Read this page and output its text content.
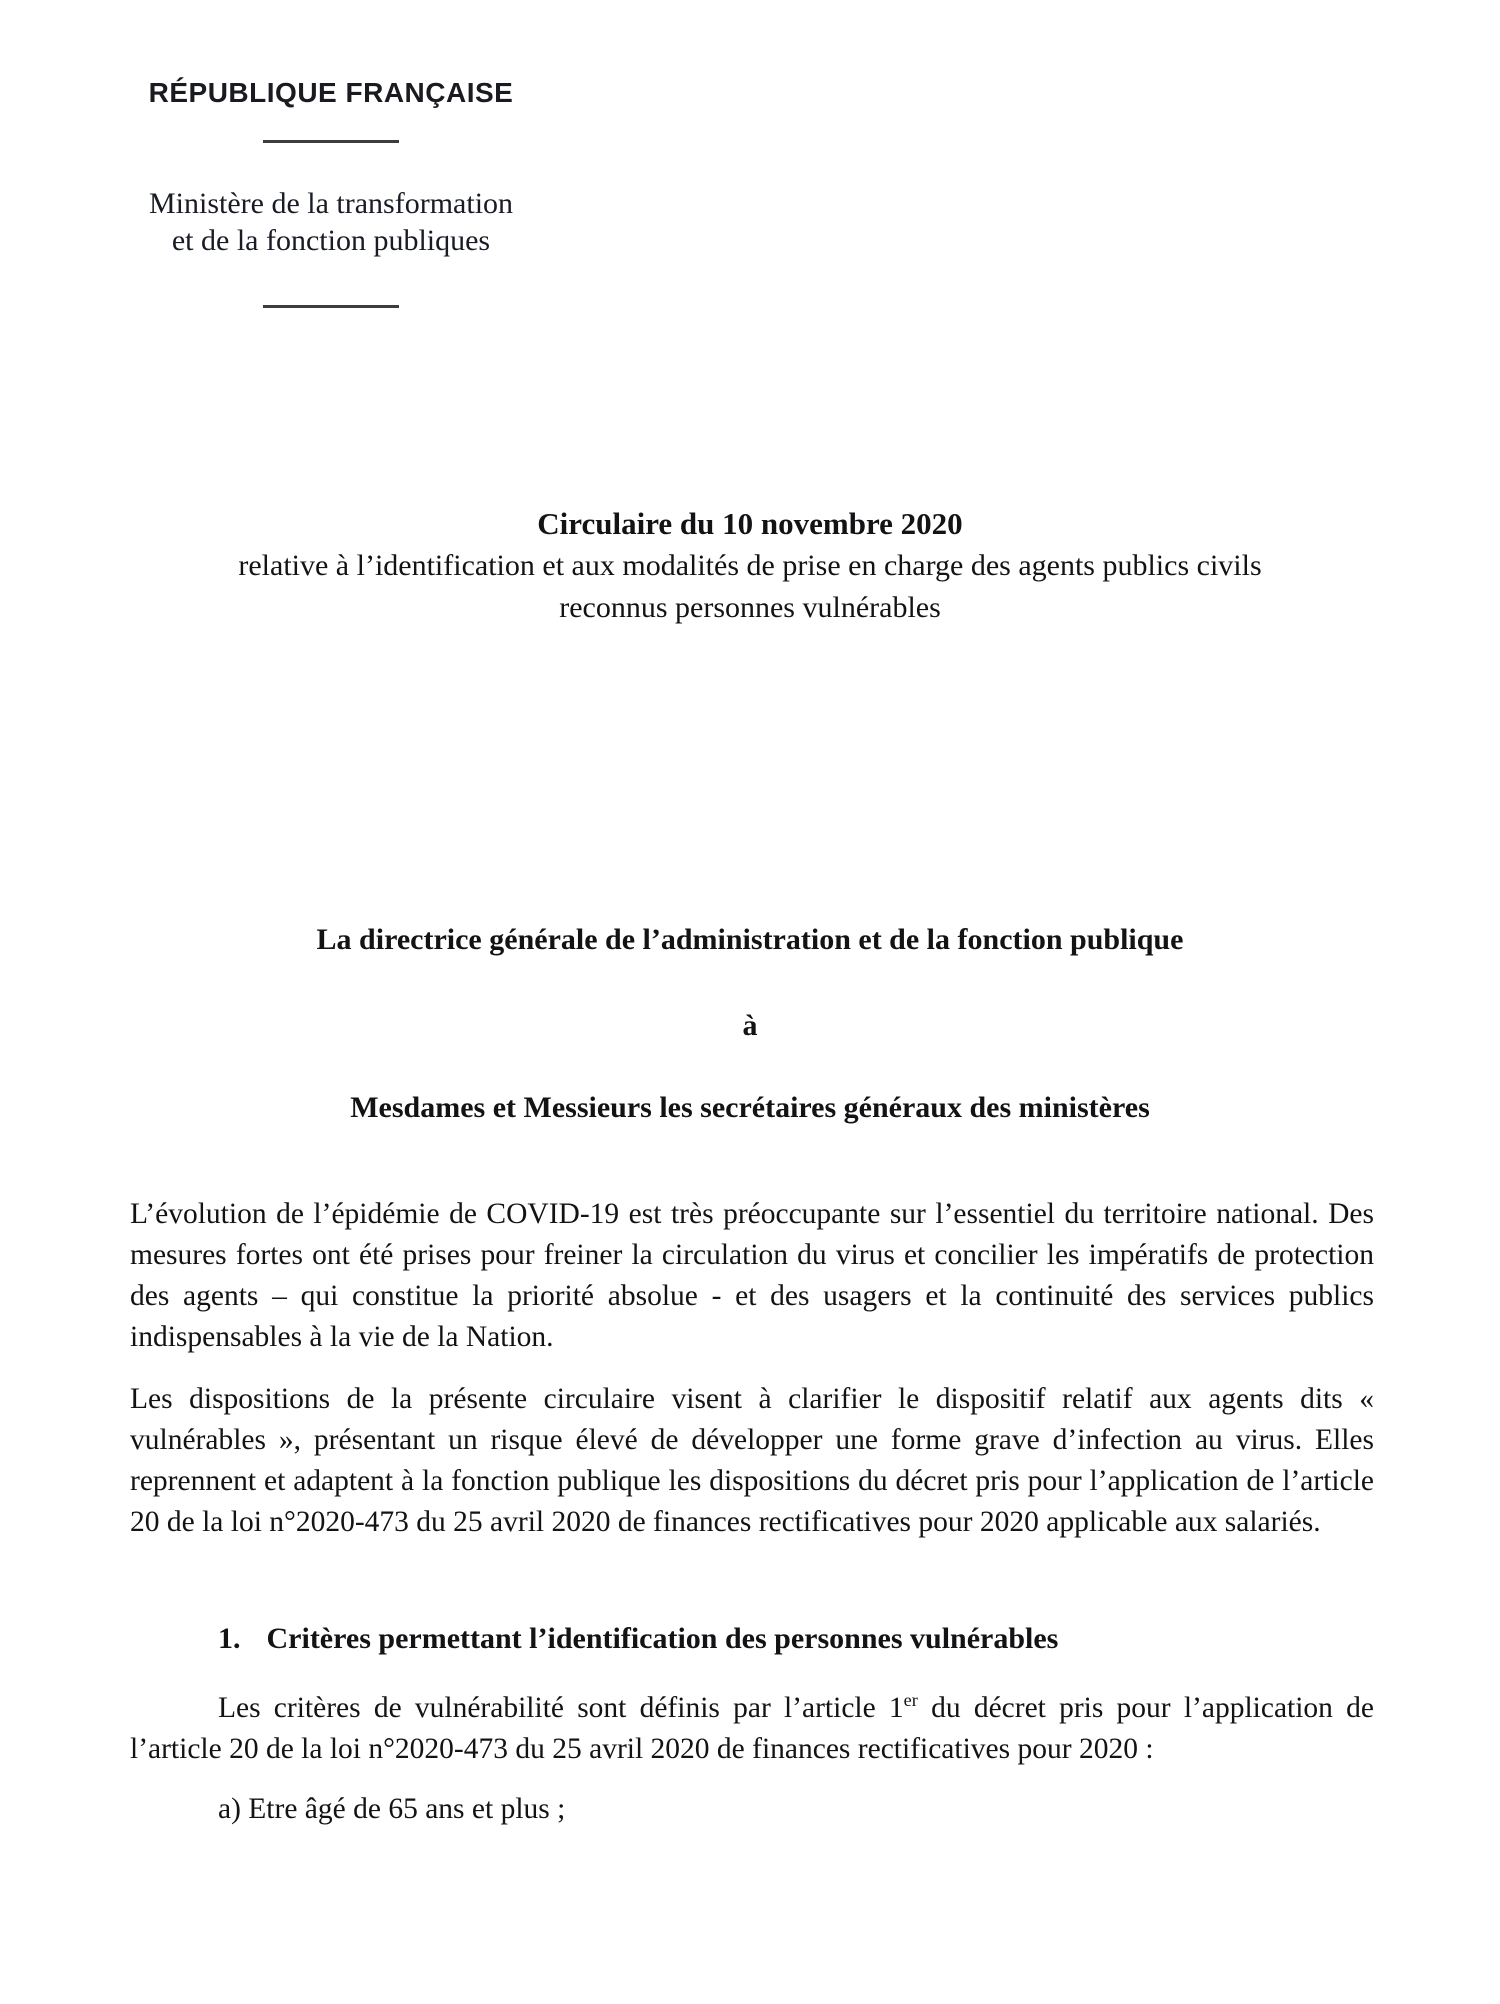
RÉPUBLIQUE FRANÇAISE
Ministère de la transformation
et de la fonction publiques
Circulaire du 10 novembre 2020
relative à l’identification et aux modalités de prise en charge des agents publics civils
reconnus personnes vulnérables
La directrice générale de l’administration et de la fonction publique
à
Mesdames et Messieurs les secrétaires généraux des ministères

L’évolution de l’épidémie de COVID-19 est très préoccupante sur l’essentiel du territoire national. Des mesures fortes ont été prises pour freiner la circulation du virus et concilier les impératifs de protection des agents – qui constitue la priorité absolue - et des usagers et la continuité des services publics indispensables à la vie de la Nation.

Les dispositions de la présente circulaire visent à clarifier le dispositif relatif aux agents dits « vulnérables », présentant un risque élevé de développer une forme grave d’infection au virus. Elles reprennent et adaptent à la fonction publique les dispositions du décret pris pour l’application de l’article 20 de la loi n°2020-473 du 25 avril 2020 de finances rectificatives pour 2020 applicable aux salariés.

1. Critères permettant l’identification des personnes vulnérables

Les critères de vulnérabilité sont définis par l’article 1er du décret pris pour l’application de l’article 20 de la loi n°2020-473 du 25 avril 2020 de finances rectificatives pour 2020 :

a) Etre âgé de 65 ans et plus ;
